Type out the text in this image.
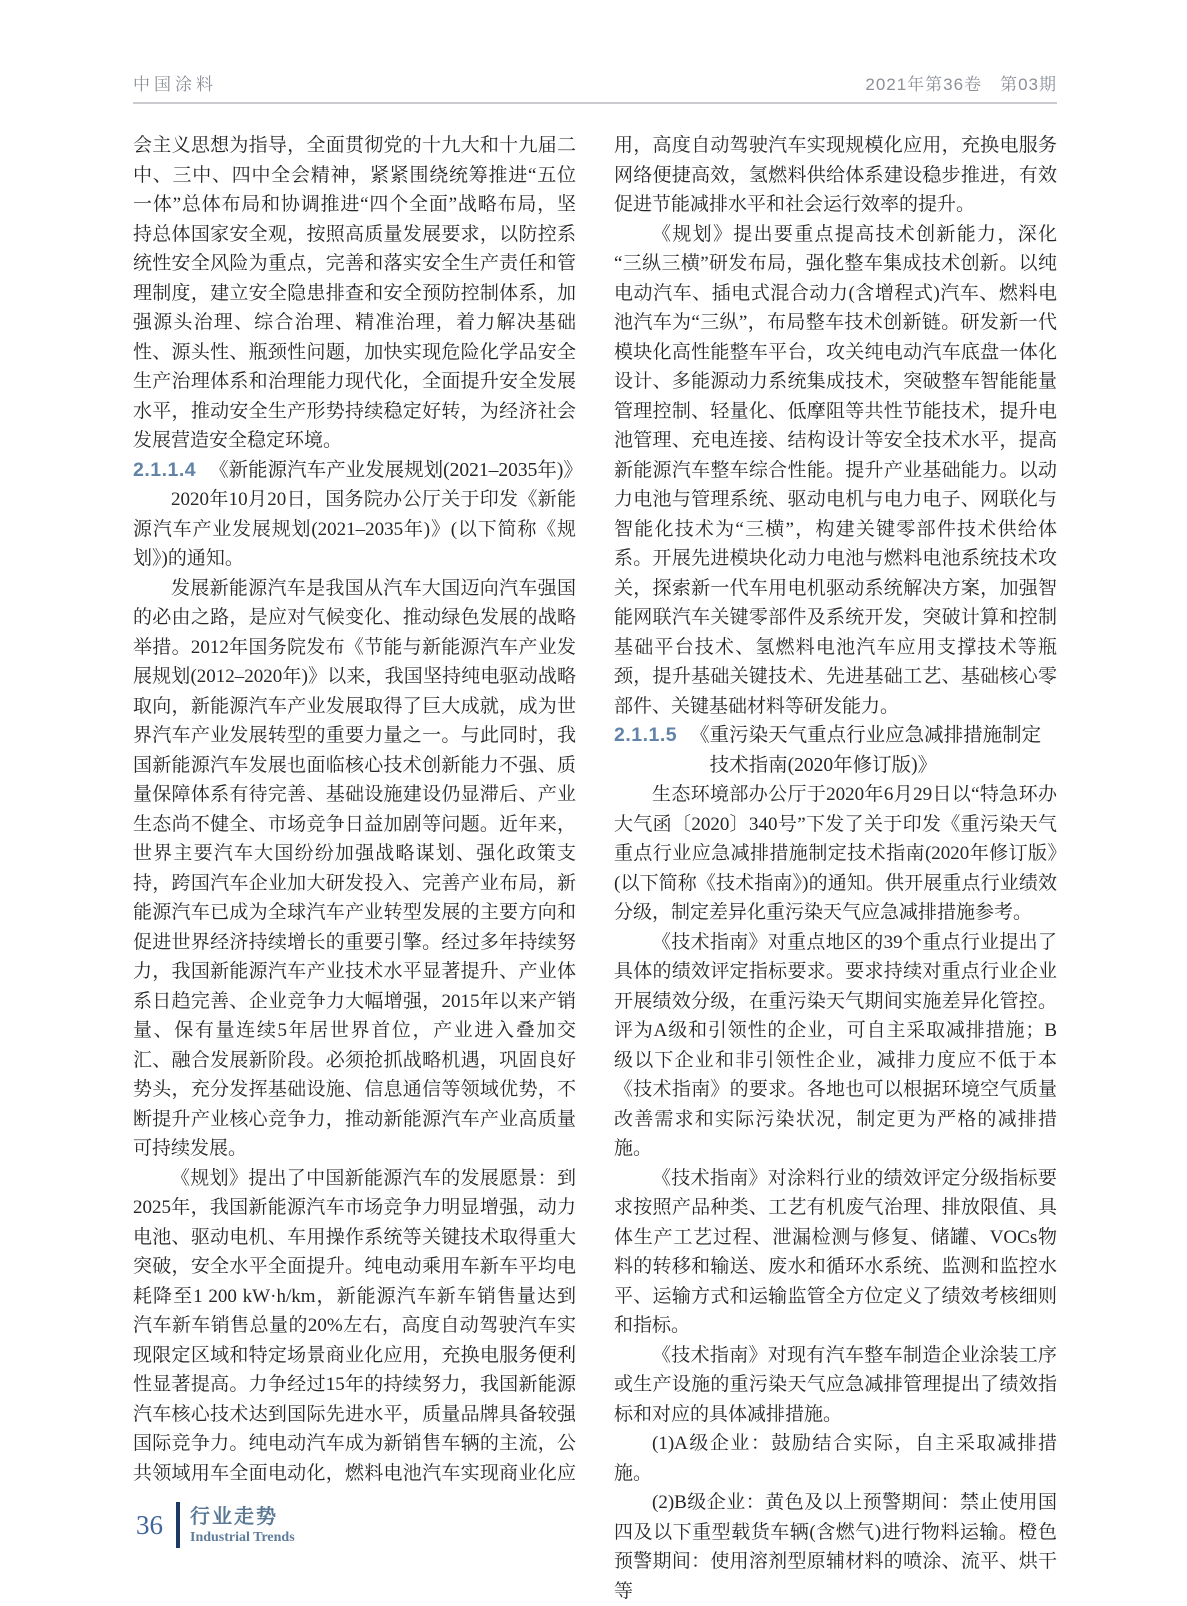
中国涂料	2021年第36卷　第03期

会主义思想为指导，全面贯彻党的十九大和十九届二中、三中、四中全会精神，紧紧围绕统筹推进“五位一体”总体布局和协调推进“四个全面”战略布局，坚持总体国家安全观，按照高质量发展要求，以防控系统性安全风险为重点，完善和落实安全生产责任和管理制度，建立安全隐患排查和安全预防控制体系，加强源头治理、综合治理、精准治理，着力解决基础性、源头性、瓶颈性问题，加快实现危险化学品安全生产治理体系和治理能力现代化，全面提升安全发展水平，推动安全生产形势持续稳定好转，为经济社会发展营造安全稳定环境。

2.1.1.4 《新能源汽车产业发展规划(2021–2035年)》

2020年10月20日，国务院办公厅关于印发《新能源汽车产业发展规划(2021–2035年)》(以下简称《规划》)的通知。

发展新能源汽车是我国从汽车大国迈向汽车强国的必由之路，是应对气候变化、推动绿色发展的战略举措。2012年国务院发布《节能与新能源汽车产业发展规划(2012–2020年)》以来，我国坚持纯电驱动战略取向，新能源汽车产业发展取得了巨大成就，成为世界汽车产业发展转型的重要力量之一。与此同时，我国新能源汽车发展也面临核心技术创新能力不强、质量保障体系有待完善、基础设施建设仍显滞后、产业生态尚不健全、市场竞争日益加剧等问题。近年来，世界主要汽车大国纷纷加强战略谋划、强化政策支持，跨国汽车企业加大研发投入、完善产业布局，新能源汽车已成为全球汽车产业转型发展的主要方向和促进世界经济持续增长的重要引擎。经过多年持续努力，我国新能源汽车产业技术水平显著提升、产业体系日趋完善、企业竞争力大幅增强，2015年以来产销量、保有量连续5年居世界首位，产业进入叠加交汇、融合发展新阶段。必须抢抓战略机遇，巩固良好势头，充分发挥基础设施、信息通信等领域优势，不断提升产业核心竞争力，推动新能源汽车产业高质量可持续发展。

《规划》提出了中国新能源汽车的发展愿景：到2025年，我国新能源汽车市场竞争力明显增强，动力电池、驱动电机、车用操作系统等关键技术取得重大突破，安全水平全面提升。纯电动乘用车新车平均电耗降至1 200 kW·h/km，新能源汽车新车销售量达到汽车新车销售总量的20%左右，高度自动驾驶汽车实现限定区域和特定场景商业化应用，充换电服务便利性显著提高。力争经过15年的持续努力，我国新能源汽车核心技术达到国际先进水平，质量品牌具备较强国际竞争力。纯电动汽车成为新销售车辆的主流，公共领域用车全面电动化，燃料电池汽车实现商业化应

用，高度自动驾驶汽车实现规模化应用，充换电服务网络便捷高效，氢燃料供给体系建设稳步推进，有效促进节能减排水平和社会运行效率的提升。

《规划》提出要重点提高技术创新能力，深化“三纵三横”研发布局，强化整车集成技术创新。以纯电动汽车、插电式混合动力(含增程式)汽车、燃料电池汽车为“三纵”，布局整车技术创新链。研发新一代模块化高性能整车平台，攻关纯电动汽车底盘一体化设计、多能源动力系统集成技术，突破整车智能能量管理控制、轻量化、低摩阻等共性节能技术，提升电池管理、充电连接、结构设计等安全技术水平，提高新能源汽车整车综合性能。提升产业基础能力。以动力电池与管理系统、驱动电机与电力电子、网联化与智能化技术为“三横”，构建关键零部件技术供给体系。开展先进模块化动力电池与燃料电池系统技术攻关，探索新一代车用电机驱动系统解决方案，加强智能网联汽车关键零部件及系统开发，突破计算和控制基础平台技术、氢燃料电池汽车应用支撑技术等瓶颈，提升基础关键技术、先进基础工艺、基础核心零部件、关键基础材料等研发能力。

2.1.1.5 《重污染天气重点行业应急减排措施制定技术指南(2020年修订版)》

生态环境部办公厅于2020年6月29日以“特急环办大气函〔2020〕340号”下发了关于印发《重污染天气重点行业应急减排措施制定技术指南(2020年修订版》(以下简称《技术指南》)的通知。供开展重点行业绩效分级，制定差异化重污染天气应急减排措施参考。

《技术指南》对重点地区的39个重点行业提出了具体的绩效评定指标要求。要求持续对重点行业企业开展绩效分级，在重污染天气期间实施差异化管控。评为A级和引领性的企业，可自主采取减排措施；B级以下企业和非引领性企业，减排力度应不低于本《技术指南》的要求。各地也可以根据环境空气质量改善需求和实际污染状况，制定更为严格的减排措施。

《技术指南》对涂料行业的绩效评定分级指标要求按照产品种类、工艺有机废气治理、排放限值、具体生产工艺过程、泄漏检测与修复、储罐、VOCs物料的转移和输送、废水和循环水系统、监测和监控水平、运输方式和运输监管全方位定义了绩效考核细则和指标。

《技术指南》对现有汽车整车制造企业涂装工序或生产设施的重污染天气应急减排管理提出了绩效指标和对应的具体减排措施。

(1)A级企业：鼓励结合实际，自主采取减排措施。

(2)B级企业：黄色及以上预警期间：禁止使用国四及以下重型载货车辆(含燃气)进行物料运输。橙色预警期间：使用溶剂型原辅材料的喷涂、流平、烘干等

36 行业走势
Industrial Trends
